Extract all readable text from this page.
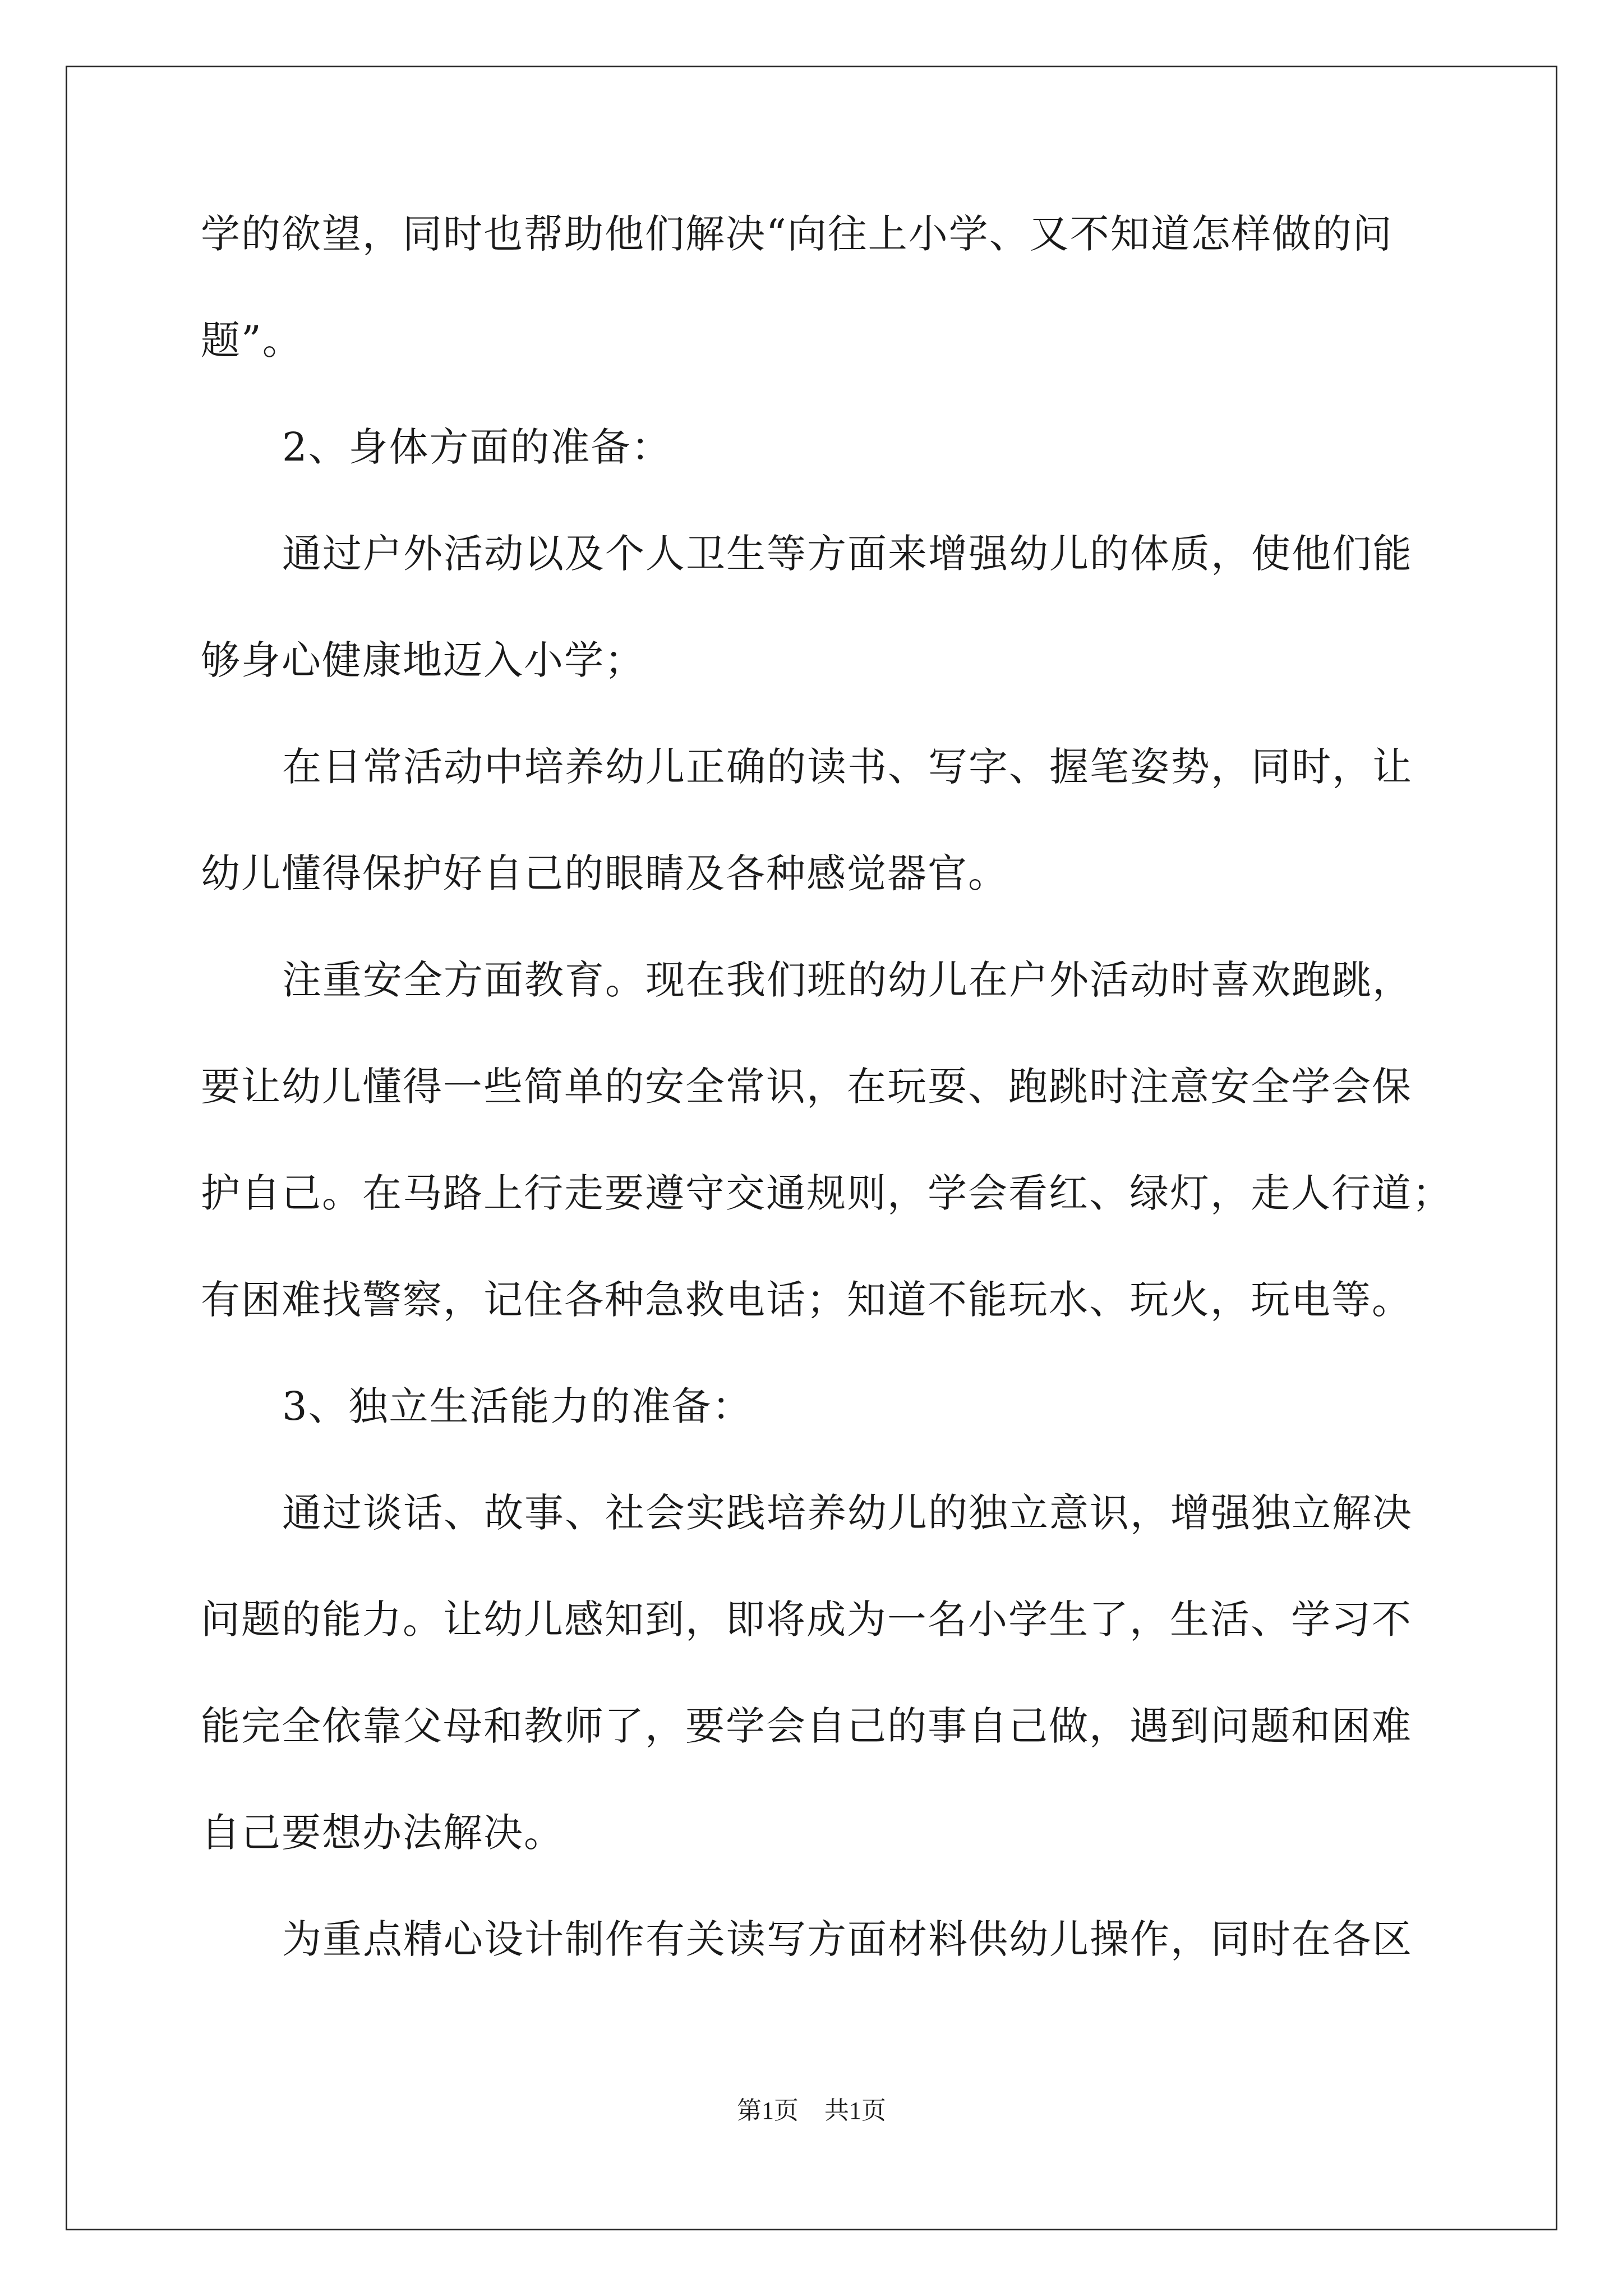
学的欲望，同时也帮助他们解决“向往上小学、又不知道怎样做的问
题”。
2、身体方面的准备：
通过户外活动以及个人卫生等方面来增强幼儿的体质，使他们能
够身心健康地迈入小学；
在日常活动中培养幼儿正确的读书、写字、握笔姿势，同时，让
幼儿懂得保护好自己的眼睛及各种感觉器官。
注重安全方面教育。现在我们班的幼儿在户外活动时喜欢跑跳，
要让幼儿懂得一些简单的安全常识，在玩耍、跑跳时注意安全学会保
护自己。在马路上行走要遵守交通规则，学会看红、绿灯，走人行道；
有困难找警察，记住各种急救电话；知道不能玩水、玩火，玩电等。
3、独立生活能力的准备：
通过谈话、故事、社会实践培养幼儿的独立意识，增强独立解决
问题的能力。让幼儿感知到，即将成为一名小学生了，生活、学习不
能完全依靠父母和教师了，要学会自己的事自己做，遇到问题和困难
自己要想办法解决。
为重点精心设计制作有关读写方面材料供幼儿操作，同时在各区
第1页 共1页
